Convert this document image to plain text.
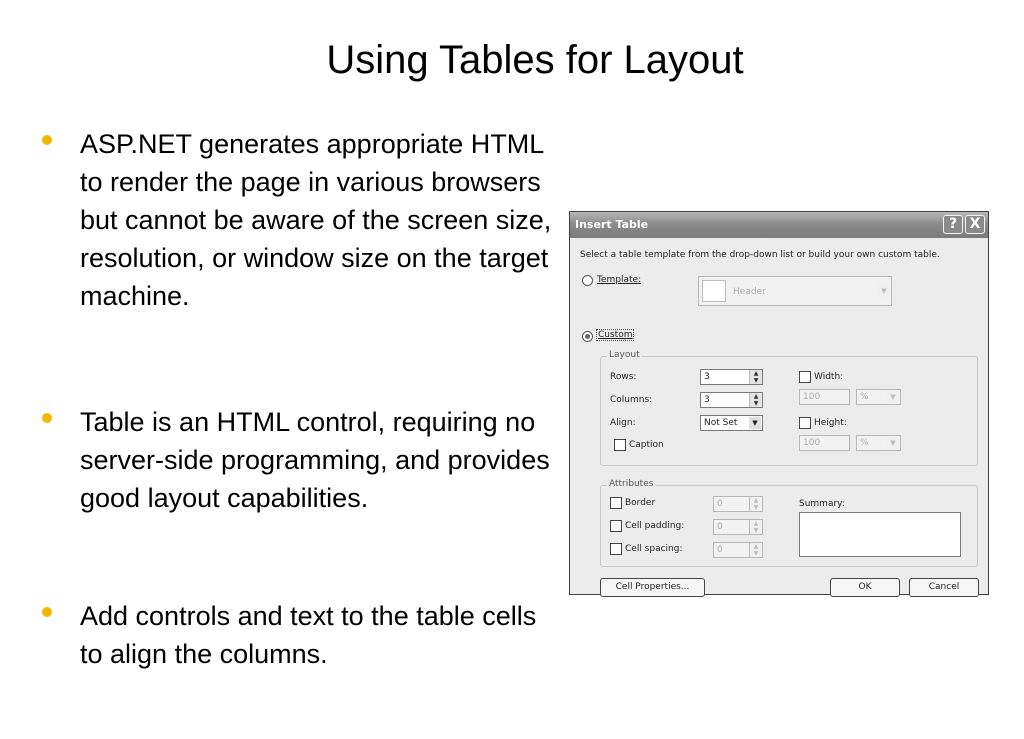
Using Tables for Layout
ASP.NET generates appropriate HTML to render the page in various browsers but cannot be aware of the screen size, resolution, or window size on the target machine.
Table is an HTML control, requiring no server-side programming, and provides good layout capabilities.
Add controls and text to the table cells to align the columns.
Insert Table	? X
Select a table template from the drop-down list or build your own custom table.
Template:
Header	▼
Custom
Layout
Rows:	3	▲
▼
Columns:	3	▲
▼
Align:	Not Set	▼
Caption
Width:
100	%	▼
Height:
100	%	▼
Attributes
Border	0	▲
▼
Cell padding:	0	▲
▼
Cell spacing:	0	▲
▼
Summary:
Cell Properties...	OK	Cancel
